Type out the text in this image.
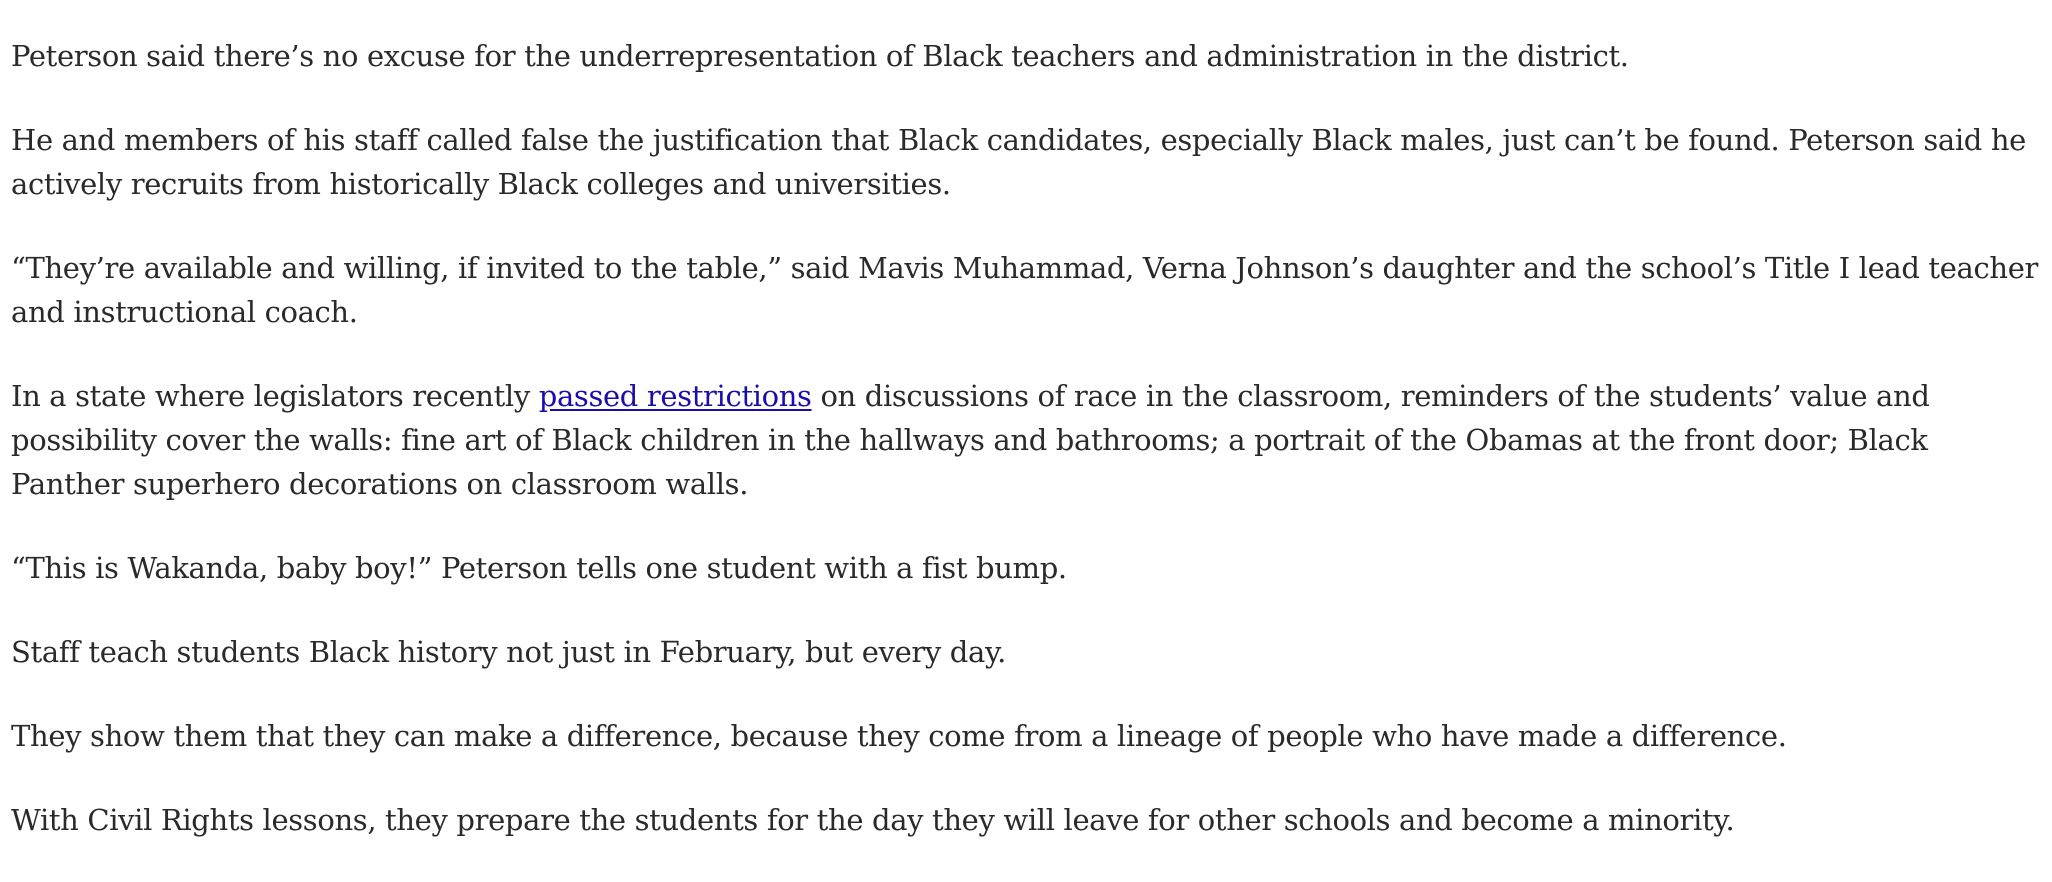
Peterson said there’s no excuse for the underrepresentation of Black teachers and administration in the district.

He and members of his staff called false the justification that Black candidates, especially Black males, just can’t be found. Peterson said he actively recruits from historically Black colleges and universities.

“They’re available and willing, if invited to the table,” said Mavis Muhammad, Verna Johnson’s daughter and the school’s Title I lead teacher and instructional coach.

In a state where legislators recently passed restrictions on discussions of race in the classroom, reminders of the students’ value and possibility cover the walls: fine art of Black children in the hallways and bathrooms; a portrait of the Obamas at the front door; Black Panther superhero decorations on classroom walls.

“This is Wakanda, baby boy!” Peterson tells one student with a fist bump.

Staff teach students Black history not just in February, but every day.

They show them that they can make a difference, because they come from a lineage of people who have made a difference.

With Civil Rights lessons, they prepare the students for the day they will leave for other schools and become a minority.
